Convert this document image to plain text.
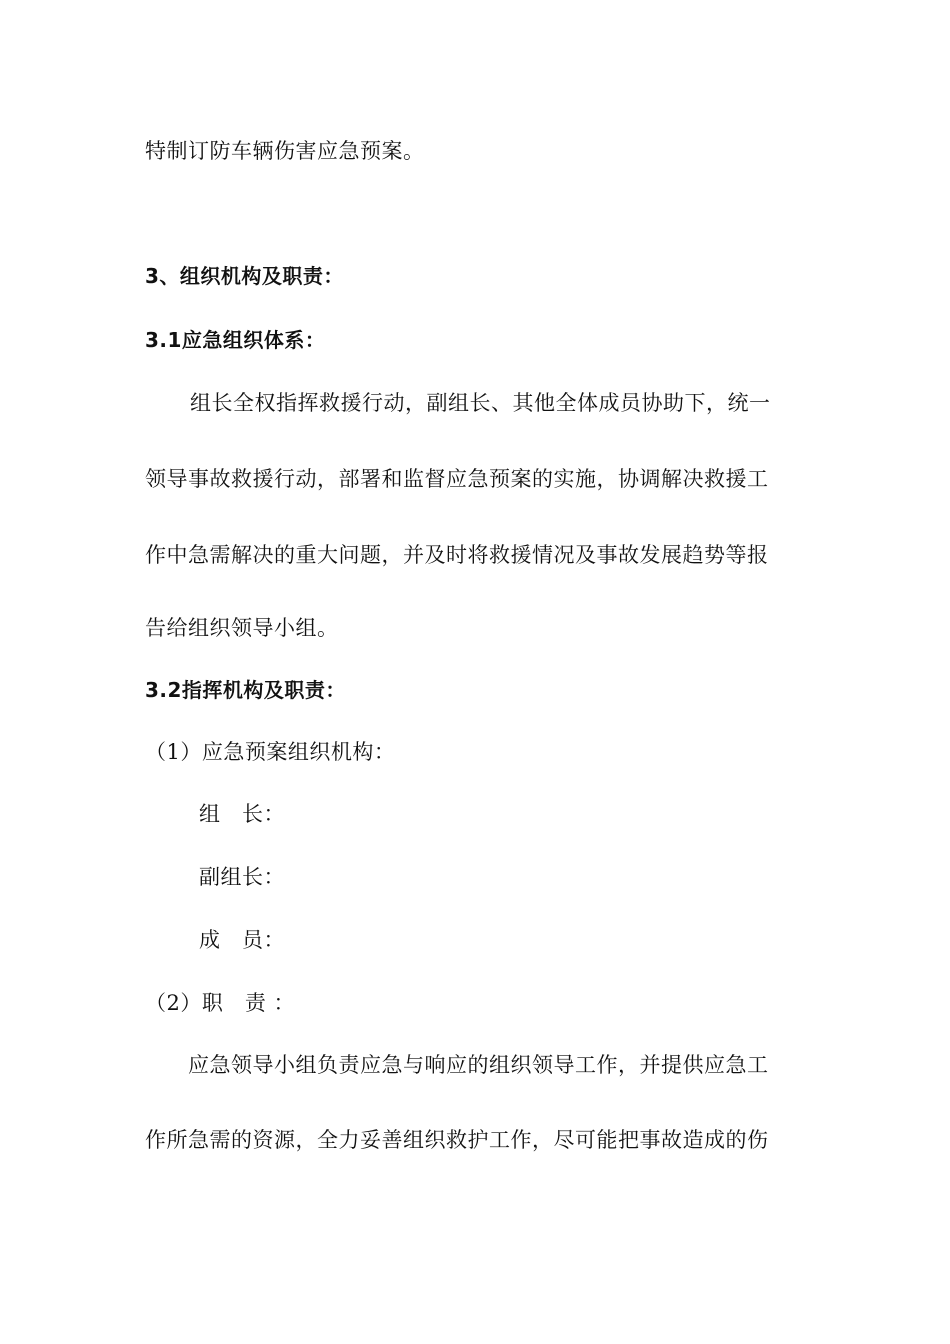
特制订防车辆伤害应急预案。
3、组织机构及职责：
3.1应急组织体系：
组长全权指挥救援行动，副组长、其他全体成员协助下，统一
领导事故救援行动，部署和监督应急预案的实施，协调解决救援工
作中急需解决的重大问题，并及时将救援情况及事故发展趋势等报
告给组织领导小组。
3.2指挥机构及职责：
（1）应急预案组织机构：
组　长：
副组长：
成　员：
（2）职　责 ：
应急领导小组负责应急与响应的组织领导工作，并提供应急工
作所急需的资源，全力妥善组织救护工作，尽可能把事故造成的伤
